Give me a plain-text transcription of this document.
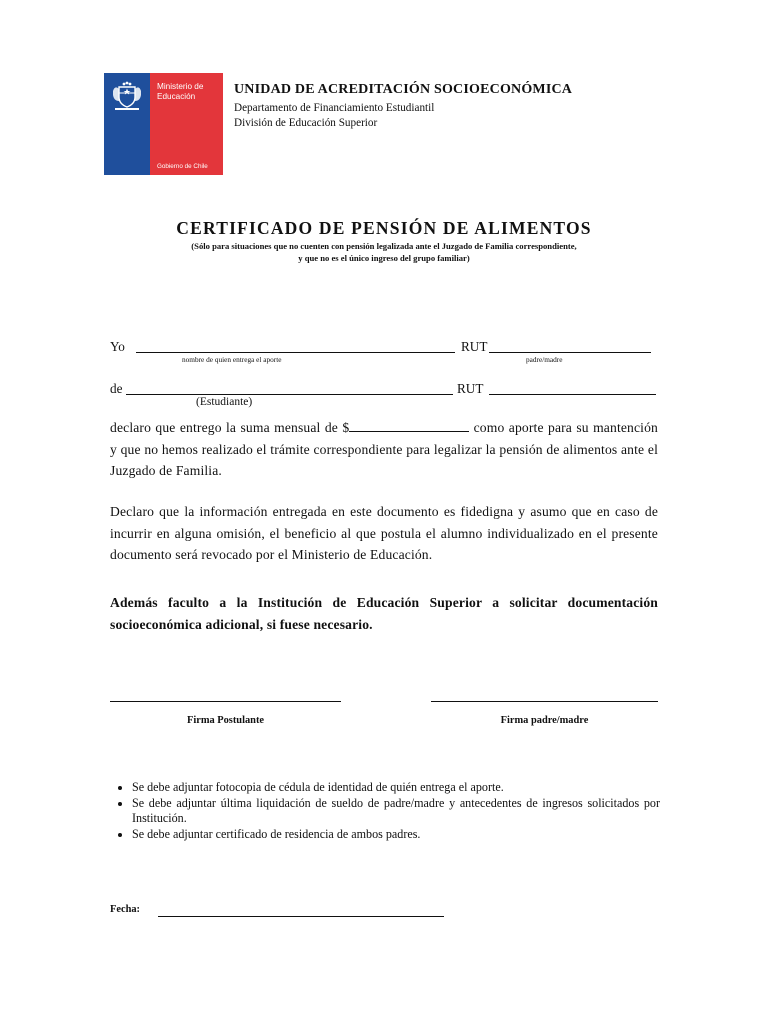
Ministerio de
Educación
Gobierno de Chile
UNIDAD DE ACREDITACIÓN SOCIOECONÓMICA
Departamento de Financiamiento Estudiantil
División de Educación Superior
CERTIFICADO DE PENSIÓN DE ALIMENTOS
(Sólo para situaciones que no cuenten con pensión legalizada ante el Juzgado de Familia correspondiente,
y que no es el único ingreso del grupo familiar)
Yo	RUT
nombre de quien entrega el aporte	padre/madre
de	RUT
(Estudiante)
declaro que entrego la suma mensual de $	como aporte para su mantención y que no hemos realizado el trámite correspondiente para legalizar la pensión de alimentos ante el Juzgado de Familia.
Declaro que la información entregada en este documento es fidedigna y asumo que en caso de incurrir en alguna omisión, el beneficio al que postula el alumno individualizado en el presente documento será revocado por el Ministerio de Educación.
Además faculto a la Institución de Educación Superior a solicitar documentación socioeconómica adicional, si fuese necesario.
Firma Postulante	Firma padre/madre
• Se debe adjuntar fotocopia de cédula de identidad de quién entrega el aporte.
• Se debe adjuntar última liquidación de sueldo de padre/madre y antecedentes de ingresos solicitados por Institución.
• Se debe adjuntar certificado de residencia de ambos padres.
Fecha:
